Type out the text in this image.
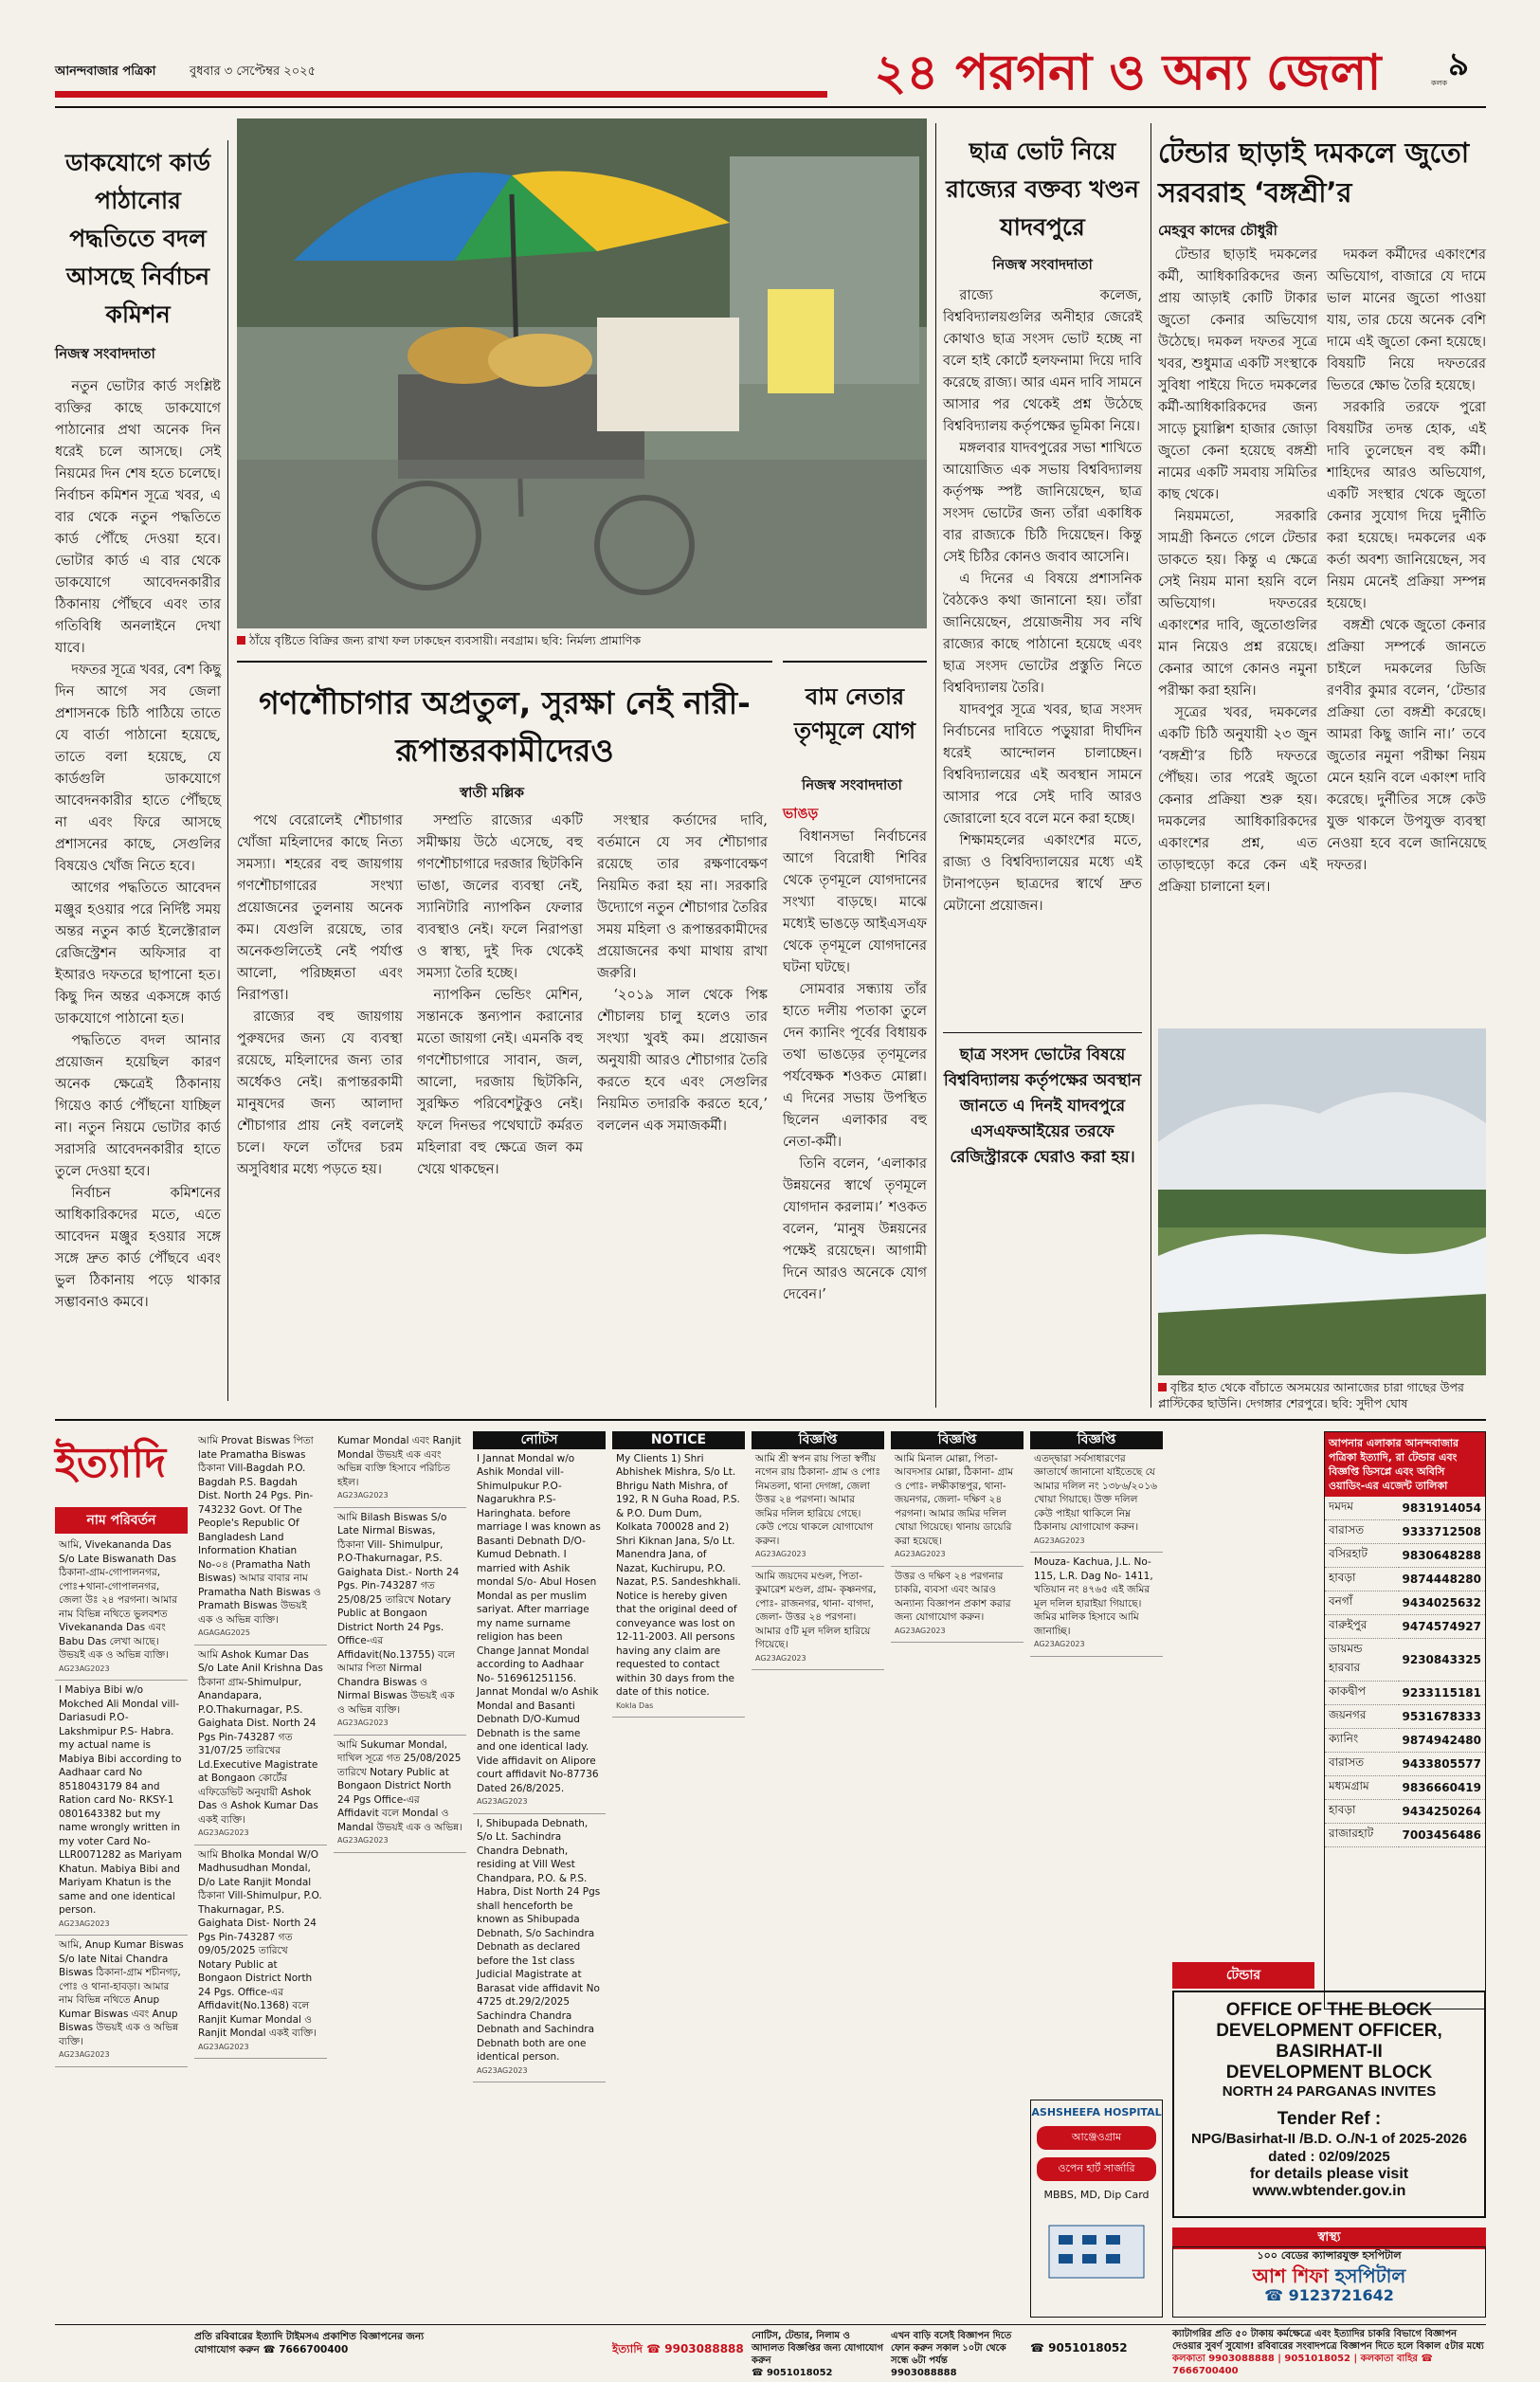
আনন্দবাজার পত্রিকা	বুধবার ৩ সেপ্টেম্বর ২০২৫	২৪ পরগনা ও অন্য জেলা	কলক ৯
ডাকযোগে কার্ড পাঠানোর পদ্ধতিতে বদল আসছে নির্বাচন কমিশন
নিজস্ব সংবাদদাতা

নতুন ভোটার কার্ড সংশ্লিষ্ট ব্যক্তির কাছে ডাকযোগে পাঠানোর প্রথা অনেক দিন ধরেই চলে আসছে। সেই নিয়মের দিন শেষ হতে চলেছে। নির্বাচন কমিশন সূত্রে খবর, এ বার থেকে নতুন পদ্ধতিতে কার্ড পৌঁছে দেওয়া হবে। ভোটার কার্ড এ বার থেকে ডাকযোগে আবেদনকারীর ঠিকানায় পৌঁছবে এবং তার গতিবিধি অনলাইনে দেখা যাবে।

দফতর সূত্রে খবর, বেশ কিছু দিন আগে সব জেলা প্রশাসনকে চিঠি পাঠিয়ে তাতে যে বার্তা পাঠানো হয়েছে, তাতে বলা হয়েছে, যে কার্ডগুলি ডাকযোগে আবেদনকারীর হাতে পৌঁছছে না এবং ফিরে আসছে প্রশাসনের কাছে, সেগুলির বিষয়েও খোঁজ নিতে হবে।

আগের পদ্ধতিতে আবেদন মঞ্জুর হওয়ার পরে নির্দিষ্ট সময় অন্তর নতুন কার্ড ইলেক্টোরাল রেজিস্ট্রেশন অফিসার বা ইআরও দফতরে ছাপানো হত। কিছু দিন অন্তর একসঙ্গে কার্ড ডাকযোগে পাঠানো হত।

পদ্ধতিতে বদল আনার প্রয়োজন হয়েছিল কারণ অনেক ক্ষেত্রেই ঠিকানায় গিয়েও কার্ড পৌঁছনো যাচ্ছিল না। নতুন নিয়মে ভোটার কার্ড সরাসরি আবেদনকারীর হাতে তুলে দেওয়া হবে।

নির্বাচন কমিশনের আধিকারিকদের মতে, এতে আবেদন মঞ্জুর হওয়ার সঙ্গে সঙ্গে দ্রুত কার্ড পৌঁছবে এবং ভুল ঠিকানায় পড়ে থাকার সম্ভাবনাও কমবে।

ঠাঁয়ে বৃষ্টিতে বিক্রির জন্য রাখা ফল ঢাকছেন ব্যবসায়ী। নবগ্রাম। ছবি: নির্মল্য প্রামাণিক
গণশৌচাগার অপ্রতুল, সুরক্ষা নেই নারী-রূপান্তরকামীদেরও
স্বাতী মল্লিক

পথে বেরোলেই শৌচাগার খোঁজা মহিলাদের কাছে নিত্য সমস্যা। শহরের বহু জায়গায় গণশৌচাগারের সংখ্যা প্রয়োজনের তুলনায় অনেক কম। যেগুলি রয়েছে, তার অনেকগুলিতেই নেই পর্যাপ্ত আলো, পরিচ্ছন্নতা এবং নিরাপত্তা।

রাজ্যের বহু জায়গায় পুরুষদের জন্য যে ব্যবস্থা রয়েছে, মহিলাদের জন্য তার অর্ধেকও নেই। রূপান্তরকামী মানুষদের জন্য আলাদা শৌচাগার প্রায় নেই বললেই চলে। ফলে তাঁদের চরম অসুবিধার মধ্যে পড়তে হয়।

সম্প্রতি রাজ্যের একটি সমীক্ষায় উঠে এসেছে, বহু গণশৌচাগারে দরজার ছিটকিনি ভাঙা, জলের ব্যবস্থা নেই, স্যানিটারি ন্যাপকিন ফেলার ব্যবস্থাও নেই। ফলে নিরাপত্তা ও স্বাস্থ্য, দুই দিক থেকেই সমস্যা তৈরি হচ্ছে।

ন্যাপকিন ভেন্ডিং মেশিন, সন্তানকে স্তন্যপান করানোর মতো জায়গা নেই। এমনকি বহু গণশৌচাগারে সাবান, জল, আলো, দরজায় ছিটকিনি, সুরক্ষিত পরিবেশটুকুও নেই। ফলে দিনভর পথেঘাটে কর্মরত মহিলারা বহু ক্ষেত্রে জল কম খেয়ে থাকছেন।

সংস্থার কর্তাদের দাবি, বর্তমানে যে সব শৌচাগার রয়েছে তার রক্ষণাবেক্ষণ নিয়মিত করা হয় না। সরকারি উদ্যোগে নতুন শৌচাগার তৈরির সময় মহিলা ও রূপান্তরকামীদের প্রয়োজনের কথা মাথায় রাখা জরুরি।

‘২০১৯ সাল থেকে পিঙ্ক শৌচালয় চালু হলেও তার সংখ্যা খুবই কম। প্রয়োজন অনুযায়ী আরও শৌচাগার তৈরি করতে হবে এবং সেগুলির নিয়মিত তদারকি করতে হবে,’ বললেন এক সমাজকর্মী।

বাম নেতার তৃণমূলে যোগ
নিজস্ব সংবাদদাতা
ভাঙড়

বিধানসভা নির্বাচনের আগে বিরোধী শিবির থেকে তৃণমূলে যোগদানের সংখ্যা বাড়ছে। মাঝে মধ্যেই ভাঙড়ে আইএসএফ থেকে তৃণমূলে যোগদানের ঘটনা ঘটছে।

সোমবার সন্ধ্যায় তাঁর হাতে দলীয় পতাকা তুলে দেন ক্যানিং পূর্বের বিধায়ক তথা ভাঙড়ের তৃণমূলের পর্যবেক্ষক শওকত মোল্লা। এ দিনের সভায় উপস্থিত ছিলেন এলাকার বহু নেতা-কর্মী।

তিনি বলেন, ‘এলাকার উন্নয়নের স্বার্থে তৃণমূলে যোগদান করলাম।’ শওকত বলেন, ‘মানুষ উন্নয়নের পক্ষেই রয়েছেন। আগামী দিনে আরও অনেকে যোগ দেবেন।’

ছাত্র ভোট নিয়ে রাজ্যের বক্তব্য খণ্ডন যাদবপুরে
নিজস্ব সংবাদদাতা

রাজ্যে কলেজ, বিশ্ববিদ্যালয়গুলির অনীহার জেরেই কোথাও ছাত্র সংসদ ভোট হচ্ছে না বলে হাই কোর্টে হলফনামা দিয়ে দাবি করেছে রাজ্য। আর এমন দাবি সামনে আসার পর থেকেই প্রশ্ন উঠেছে বিশ্ববিদ্যালয় কর্তৃপক্ষের ভূমিকা নিয়ে।

মঙ্গলবার যাদবপুরের সভা শাখিতে আয়োজিত এক সভায় বিশ্ববিদ্যালয় কর্তৃপক্ষ স্পষ্ট জানিয়েছেন, ছাত্র সংসদ ভোটের জন্য তাঁরা একাধিক বার রাজ্যকে চিঠি দিয়েছেন। কিন্তু সেই চিঠির কোনও জবাব আসেনি।

এ দিনের এ বিষয়ে প্রশাসনিক বৈঠকেও কথা জানানো হয়। তাঁরা জানিয়েছেন, প্রয়োজনীয় সব নথি রাজ্যের কাছে পাঠানো হয়েছে এবং ছাত্র সংসদ ভোটের প্রস্তুতি নিতে বিশ্ববিদ্যালয় তৈরি।

যাদবপুর সূত্রে খবর, ছাত্র সংসদ নির্বাচনের দাবিতে পড়ুয়ারা দীর্ঘদিন ধরেই আন্দোলন চালাচ্ছেন। বিশ্ববিদ্যালয়ের এই অবস্থান সামনে আসার পরে সেই দাবি আরও জোরালো হবে বলে মনে করা হচ্ছে।

শিক্ষামহলের একাংশের মতে, রাজ্য ও বিশ্ববিদ্যালয়ের মধ্যে এই টানাপড়েন ছাত্রদের স্বার্থে দ্রুত মেটানো প্রয়োজন।

ছাত্র সংসদ ভোটের বিষয়ে বিশ্ববিদ্যালয় কর্তৃপক্ষের অবস্থান জানতে এ দিনই যাদবপুরে এসএফআইয়ের তরফে রেজিস্ট্রারকে ঘেরাও করা হয়।
টেন্ডার ছাড়াই দমকলে জুতো সরবরাহ ‘বঙ্গশ্রী’র
মেহবুব কাদের চৌধুরী

টেন্ডার ছাড়াই দমকলের কর্মী, আধিকারিকদের জন্য প্রায় আড়াই কোটি টাকার জুতো কেনার অভিযোগ উঠেছে। দমকল দফতর সূত্রে খবর, শুধুমাত্র একটি সংস্থাকে সুবিধা পাইয়ে দিতে দমকলের কর্মী-আধিকারিকদের জন্য সাড়ে চুয়াল্লিশ হাজার জোড়া জুতো কেনা হয়েছে বঙ্গশ্রী নামের একটি সমবায় সমিতির কাছ থেকে।

নিয়মমতো, সরকারি সামগ্রী কিনতে গেলে টেন্ডার ডাকতে হয়। কিন্তু এ ক্ষেত্রে সেই নিয়ম মানা হয়নি বলে অভিযোগ। দফতরের একাংশের দাবি, জুতোগুলির মান নিয়েও প্রশ্ন রয়েছে। কেনার আগে কোনও নমুনা পরীক্ষা করা হয়নি।

সূত্রের খবর, দমকলের একটি চিঠি অনুযায়ী ২৩ জুন ‘বঙ্গশ্রী’র চিঠি দফতরে পৌঁছয়। তার পরেই জুতো কেনার প্রক্রিয়া শুরু হয়। দমকলের আধিকারিকদের একাংশের প্রশ্ন, এত তাড়াহুড়ো করে কেন এই প্রক্রিয়া চালানো হল।

দমকল কর্মীদের একাংশের অভিযোগ, বাজারে যে দামে ভাল মানের জুতো পাওয়া যায়, তার চেয়ে অনেক বেশি দামে এই জুতো কেনা হয়েছে। বিষয়টি নিয়ে দফতরের ভিতরে ক্ষোভ তৈরি হয়েছে।

সরকারি তরফে পুরো বিষয়টির তদন্ত হোক, এই দাবি তুলেছেন বহু কর্মী। শাহিদের আরও অভিযোগ, একটি সংস্থার থেকে জুতো কেনার সুযোগ দিয়ে দুর্নীতি করা হয়েছে। দমকলের এক কর্তা অবশ্য জানিয়েছেন, সব নিয়ম মেনেই প্রক্রিয়া সম্পন্ন হয়েছে।

বঙ্গশ্রী থেকে জুতো কেনার প্রক্রিয়া সম্পর্কে জানতে চাইলে দমকলের ডিজি রণবীর কুমার বলেন, ‘টেন্ডার প্রক্রিয়া তো বঙ্গশ্রী করেছে। আমরা কিছু জানি না।’ তবে জুতোর নমুনা পরীক্ষা নিয়ম মেনে হয়নি বলে একাংশ দাবি করেছে। দুর্নীতির সঙ্গে কেউ যুক্ত থাকলে উপযুক্ত ব্যবস্থা নেওয়া হবে বলে জানিয়েছে দফতর।

বৃষ্টির হাত থেকে বাঁচাতে অসময়ের আনাজের চারা গাছের উপর প্লাস্টিকের ছাউনি। দেগঙ্গার শেরপুরে। ছবি: সুদীপ ঘোষ
ইত্যাদি
নাম পরিবর্তন
আমি, Vivekananda Das S/o Late Biswanath Das ঠিকানা-গ্রাম-গোপালনগর, পোঃ+থানা-গোপালনগর, জেলা উঃ ২৪ পরগনা। আমার নাম বিভিন্ন নথিতে ভুলবশত Vivekananda Das এবং Babu Das লেখা আছে। উভয়ই এক ও অভিন্ন ব্যক্তি।
AG23AG2023
I Mabiya Bibi w/o Mokched Ali Mondal vill-Dariasudi P.O-Lakshmipur P.S- Habra. my actual name is Mabiya Bibi according to Aadhaar card No 8518043179 84 and Ration card No- RKSY-1 0801643382 but my name wrongly written in my voter Card No-LLR0071282 as Mariyam Khatun. Mabiya Bibi and Mariyam Khatun is the same and one identical person.
AG23AG2023
আমি, Anup Kumar Biswas S/o late Nitai Chandra Biswas ঠিকানা-গ্রাম শচীনগঢ়, পোঃ ও থানা-হাবড়া। আমার নাম বিভিন্ন নথিতে Anup Kumar Biswas এবং Anup Biswas উভয়ই এক ও অভিন্ন ব্যক্তি।
AG23AG2023
আমি Provat Biswas পিতা late Pramatha Biswas ঠিকানা Vill-Bagdah P.O. Bagdah P.S. Bagdah Dist. North 24 Pgs. Pin- 743232 Govt. Of The People's Republic Of Bangladesh Land Information Khatian No-০৪ (Pramatha Nath Biswas) আমার বাবার নাম Pramatha Nath Biswas ও Pramath Biswas উভয়ই এক ও অভিন্ন ব্যক্তি।
AGAGAG2025
আমি Ashok Kumar Das S/o Late Anil Krishna Das ঠিকানা গ্রাম-Shimulpur, Anandapara, P.O.Thakurnagar, P.S. Gaighata Dist. North 24 Pgs Pin-743287 গত 31/07/25 তারিখের Ld.Executive Magistrate at Bongaon কোর্টের এফিডেভিট অনুযায়ী Ashok Das ও Ashok Kumar Das একই ব্যক্তি।
AG23AG2023
আমি Bholka Mondal W/O Madhusudhan Mondal, D/o Late Ranjit Mondal ঠিকানা Vill-Shimulpur, P.O. Thakurnagar, P.S. Gaighata Dist- North 24 Pgs Pin-743287 গত 09/05/2025 তারিখে Notary Public at Bongaon District North 24 Pgs. Office-এর Affidavit(No.1368) বলে Ranjit Kumar Mondal ও Ranjit Mondal একই ব্যক্তি।
AG23AG2023
Kumar Mondal এবং Ranjit Mondal উভয়ই এক এবং অভিন্ন ব্যক্তি হিসাবে পরিচিত হইল।
AG23AG2023
আমি Bilash Biswas S/o Late Nirmal Biswas, ঠিকানা Vill- Shimulpur, P.O-Thakurnagar, P.S. Gaighata Dist.- North 24 Pgs. Pin-743287 গত 25/08/25 তারিখে Notary Public at Bongaon District North 24 Pgs. Office-এর Affidavit(No.13755) বলে আমার পিতা Nirmal Chandra Biswas ও Nirmal Biswas উভয়ই এক ও অভিন্ন ব্যক্তি।
AG23AG2023
আমি Sukumar Mondal, দাখিল সূত্রে গত 25/08/2025 তারিখে Notary Public at Bongaon District North 24 Pgs Office-এর Affidavit বলে Mondal ও Mandal উভয়ই এক ও অভিন্ন।
AG23AG2023
নোটিস
I Jannat Mondal w/o Ashik Mondal vill-Shimulpukur P.O-Nagarukhra P.S- Haringhata. before marriage I was known as Basanti Debnath D/O-Kumud Debnath. I married with Ashik mondal S/o- Abul Hosen Mondal as per muslim sariyat. After marriage my name surname religion has been Change Jannat Mondal according to Aadhaar No- 516961251156. Jannat Mondal w/o Ashik Mondal and Basanti Debnath D/O-Kumud Debnath is the same and one identical lady. Vide affidavit on Alipore court affidavit No-87736 Dated 26/8/2025.
AG23AG2023
I, Shibupada Debnath, S/o Lt. Sachindra Chandra Debnath, residing at Vill West Chandpara, P.O. & P.S. Habra, Dist North 24 Pgs shall henceforth be known as Shibupada Debnath, S/o Sachindra Debnath as declared before the 1st class Judicial Magistrate at Barasat vide affidavit No 4725 dt.29/2/2025 Sachindra Chandra Debnath and Sachindra Debnath both are one identical person.
AG23AG2023
NOTICE
My Clients 1) Shri Abhishek Mishra, S/o Lt. Bhrigu Nath Mishra, of 192, R N Guha Road, P.S. & P.O. Dum Dum, Kolkata 700028 and 2) Shri Kiknan Jana, S/o Lt. Manendra Jana, of Nazat, Kuchirupu, P.O. Nazat, P.S. Sandeshkhali. Notice is hereby given that the original deed of conveyance was lost on 12-11-2003. All persons having any claim are requested to contact within 30 days from the date of this notice.
Kokla Das
বিজ্ঞপ্তি
আমি শ্রী স্বপন রায় পিতা স্বর্গীয় নগেন রায় ঠিকানা- গ্রাম ও পোঃ নিমতলা, থানা দেগঙ্গা, জেলা উত্তর ২৪ পরগনা। আমার জমির দলিল হারিয়ে গেছে। কেউ পেয়ে থাকলে যোগাযোগ করুন।
AG23AG2023
আমি জয়দেব মণ্ডল, পিতা- কুমারেশ মণ্ডল, গ্রাম- কৃষ্ণনগর, পোঃ- রাজনগর, থানা- বাগদা, জেলা- উত্তর ২৪ পরগনা। আমার ৫টি মূল দলিল হারিয়ে গিয়েছে।
AG23AG2023
বিজ্ঞপ্তি
আমি মিনাল মোল্লা, পিতা- আবদসার মোল্লা, ঠিকানা- গ্রাম ও পোঃ- লক্ষীকান্তপুর, থানা- জয়নগর, জেলা- দক্ষিণ ২৪ পরগনা। আমার জমির দলিল খোয়া গিয়েছে। থানায় ডায়েরি করা হয়েছে।
AG23AG2023
উত্তর ও দক্ষিণ ২৪ পরগনার চাকরি, ব্যবসা এবং আরও অন্যান্য বিজ্ঞাপন প্রকাশ করার জন্য যোগাযোগ করুন।
AG23AG2023
বিজ্ঞপ্তি
এতদ্দ্বারা সর্বসাধারণের জ্ঞাতার্থে জানানো যাইতেছে যে আমার দলিল নং ১৩৮৬/২০১৬ খোয়া গিয়াছে। উক্ত দলিল কেউ পাইয়া থাকিলে নিম্ন ঠিকানায় যোগাযোগ করুন।
AG23AG2023
Mouza- Kachua, J.L. No- 115, L.R. Dag No- 1411, খতিয়ান নং ৪৭৬৫ এই জমির মূল দলিল হারাইয়া গিয়াছে। জমির মালিক হিসাবে আমি জানাচ্ছি।
AG23AG2023
আপনার এলাকার আনন্দবাজার পত্রিকা ইত্যাদি, রা টেন্ডার এবং বিজ্ঞপ্তি ডিসপ্লে এবং অবিসি ওয়াডিং-এর এজেন্ট তালিকা
দমদম	9831914054
বারাসত	9333712508
বসিরহাট	9830648288
হাবড়া	9874448280
বনগাঁ	9434025632
বারুইপুর	9474574927
ডায়মন্ড হারবার	9230843325
কাকদ্বীপ	9233115181
জয়নগর	9531678333
ক্যানিং	9874942480
বারাসত	9433805577
মধ্যমগ্রাম	9836660419
হাবড়া	9434250264
রাজারহাট	7003456486
টেন্ডার
OFFICE OF THE BLOCK
DEVELOPMENT OFFICER, BASIRHAT-II
DEVELOPMENT BLOCK
NORTH 24 PARGANAS INVITES
Tender Ref :
NPG/Basirhat-II /B.D. O./N-1 of 2025-2026 dated : 02/09/2025
for details please visit
www.wbtender.gov.in
স্বাস্থ্য
১০০ বেডের ক্যান্সারযুক্ত হসপিটাল
আশ শিফা হসপিটাল
☎ 9123721642
ASHSHEEFA HOSPITAL
আঞ্জেওগ্রাম
ওপেন হার্ট সার্জারি
MBBS, MD, Dip Card
প্রতি রবিবারের ইত্যাদি টাইমসএ প্রকাশিত বিজ্ঞাপনের জন্য যোগাযোগ করুন ☎ 7666700400	ইত্যাদি ☎ 9903088888
নোটিস, টেন্ডার, নিলাম ও আদালত বিজ্ঞপ্তির জন্য যোগাযোগ করুন
☎ 9051018052
এখন বাড়ি বসেই বিজ্ঞাপন দিতে ফোন করুন সকাল ১০টা থেকে সন্ধে ৬টা পর্যন্ত
9903088888
☎ 9051018052
ক্যাটাগরির প্রতি ৫০ টাকায় কর্মক্ষেত্রে এবং ইত্যাদির চাকরি বিভাগে বিজ্ঞাপন দেওয়ার সুবর্ণ সুযোগ! রবিবারের সংবাদপত্রে বিজ্ঞাপন দিতে হলে বিকাল ৫টার মধ্যে
কলকাতা 9903088888 | 9051018052 | কলকাতা বাহির ☎ 7666700400
